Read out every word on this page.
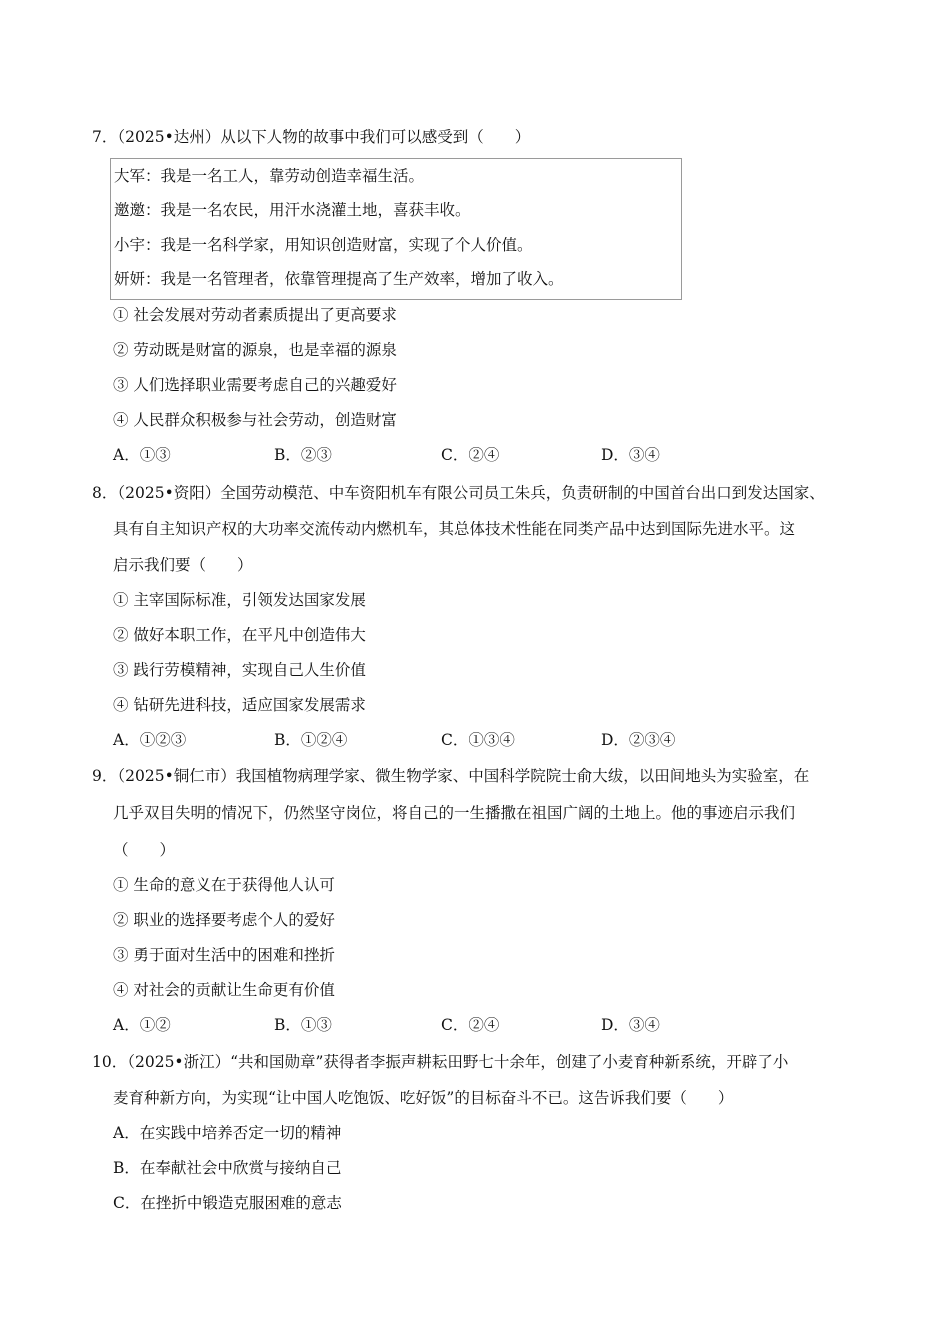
7．（2025•达州）从以下人物的故事中我们可以感受到（　　）
大军：我是一名工人，靠劳动创造幸福生活。
邀邀：我是一名农民，用汗水浇灌土地，喜获丰收。
小宇：我是一名科学家，用知识创造财富，实现了个人价值。
妍妍：我是一名管理者，依靠管理提高了生产效率，增加了收入。
① 社会发展对劳动者素质提出了更高要求
② 劳动既是财富的源泉，也是幸福的源泉
③ 人们选择职业需要考虑自己的兴趣爱好
④ 人民群众积极参与社会劳动，创造财富
A．①③	B．②③	C．②④	D．③④
8．（2025•资阳）全国劳动模范、中车资阳机车有限公司员工朱兵，负责研制的中国首台出口到发达国家、
具有自主知识产权的大功率交流传动内燃机车，其总体技术性能在同类产品中达到国际先进水平。这
启示我们要（　　）
① 主宰国际标准，引领发达国家发展
② 做好本职工作，在平凡中创造伟大
③ 践行劳模精神，实现自己人生价值
④ 钻研先进科技，适应国家发展需求
A．①②③	B．①②④	C．①③④	D．②③④
9．（2025•铜仁市）我国植物病理学家、微生物学家、中国科学院院士俞大绂，以田间地头为实验室，在
几乎双目失明的情况下，仍然坚守岗位，将自己的一生播撒在祖国广阔的土地上。他的事迹启示我们
（　　）
① 生命的意义在于获得他人认可
② 职业的选择要考虑个人的爱好
③ 勇于面对生活中的困难和挫折
④ 对社会的贡献让生命更有价值
A．①②	B．①③	C．②④	D．③④
10．（2025•浙江）“共和国勋章”获得者李振声耕耘田野七十余年，创建了小麦育种新系统，开辟了小
麦育种新方向，为实现“让中国人吃饱饭、吃好饭”的目标奋斗不已。这告诉我们要（　　）
A．在实践中培养否定一切的精神
B．在奉献社会中欣赏与接纳自己
C．在挫折中锻造克服困难的意志
